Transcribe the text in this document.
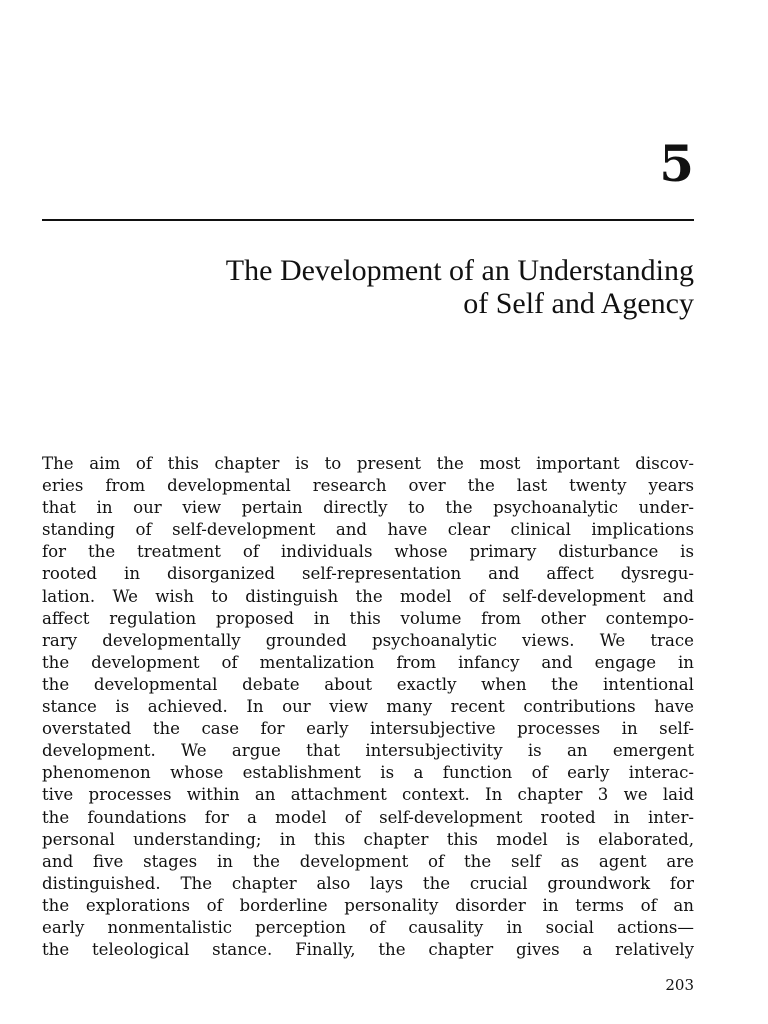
5
The Development of an Understanding
of Self and Agency
The aim of this chapter is to present the most important discov-
eries from developmental research over the last twenty years
that in our view pertain directly to the psychoanalytic under-
standing of self-development and have clear clinical implications
for the treatment of individuals whose primary disturbance is
rooted in disorganized self-representation and affect dysregu-
lation. We wish to distinguish the model of self-development and
affect regulation proposed in this volume from other contempo-
rary developmentally grounded psychoanalytic views. We trace
the development of mentalization from infancy and engage in
the developmental debate about exactly when the intentional
stance is achieved. In our view many recent contributions have
overstated the case for early intersubjective processes in self-
development. We argue that intersubjectivity is an emergent
phenomenon whose establishment is a function of early interac-
tive processes within an attachment context. In chapter 3 we laid
the foundations for a model of self-development rooted in inter-
personal understanding; in this chapter this model is elaborated,
and five stages in the development of the self as agent are
distinguished. The chapter also lays the crucial groundwork for
the explorations of borderline personality disorder in terms of an
early nonmentalistic perception of causality in social actions—
the teleological stance. Finally, the chapter gives a relatively
203
